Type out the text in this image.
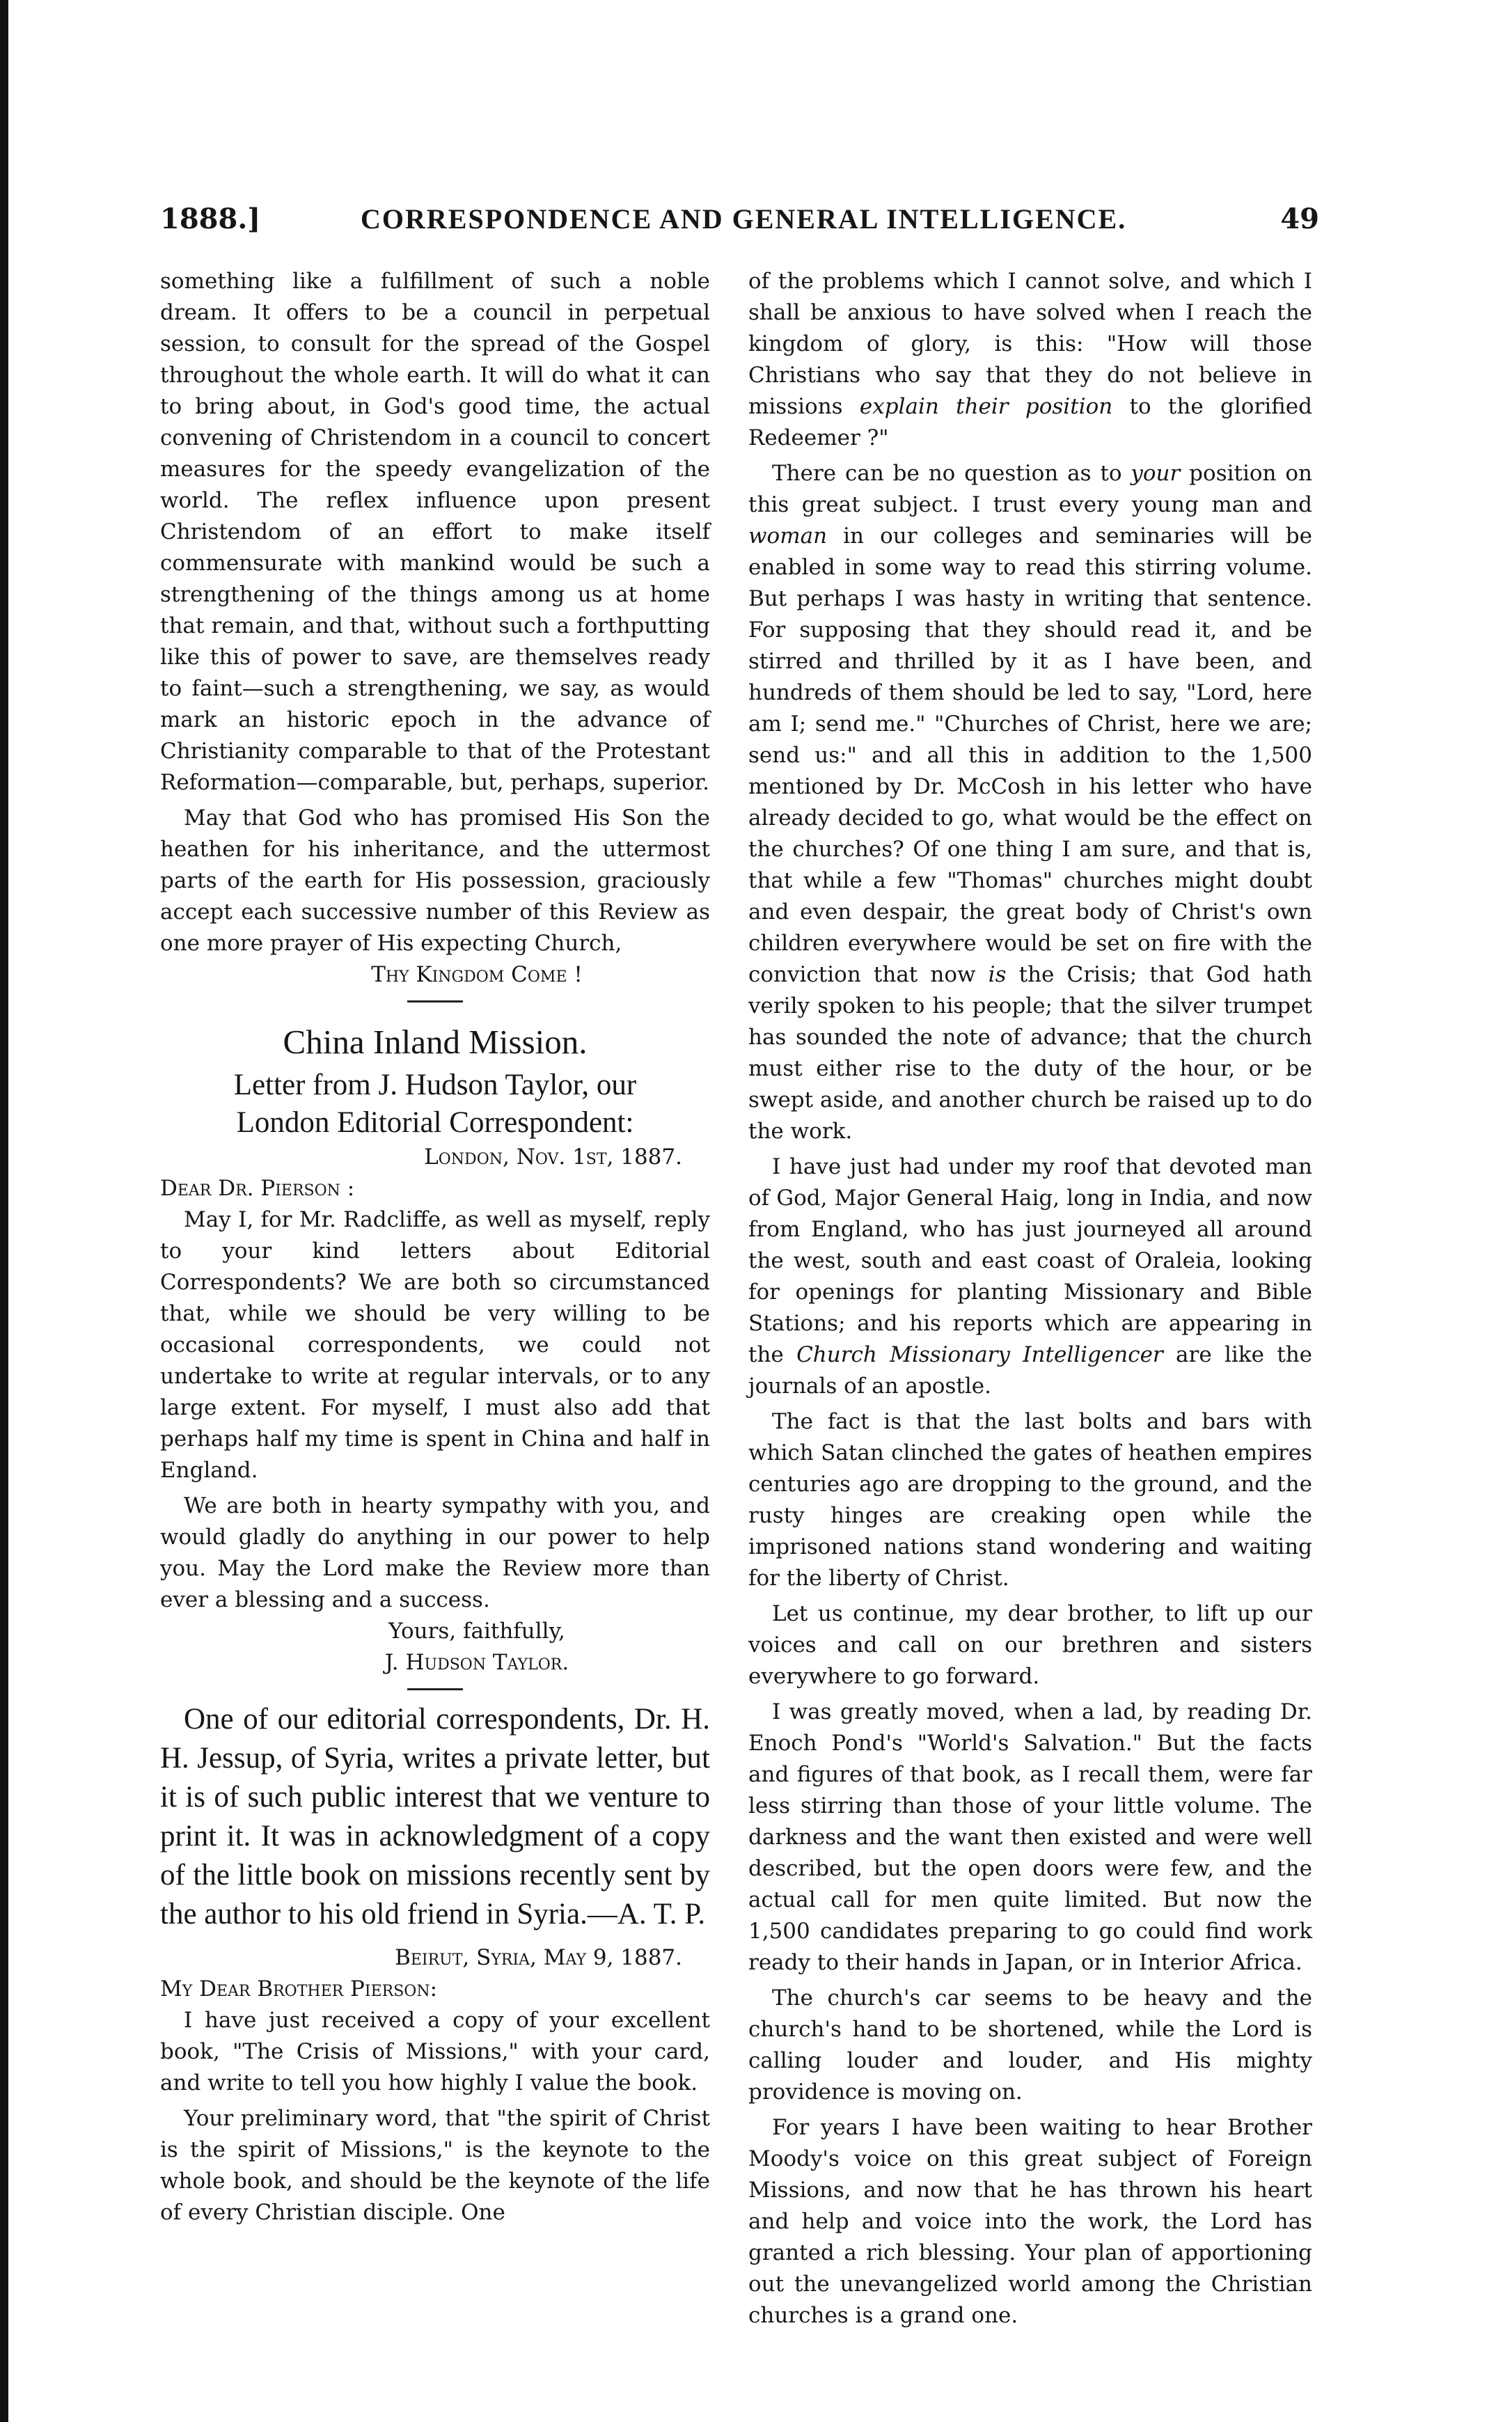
1888.]	CORRESPONDENCE AND GENERAL INTELLIGENCE.	49

something like a fulfillment of such a noble dream. It offers to be a council in perpetual session, to consult for the spread of the Gospel throughout the whole earth. It will do what it can to bring about, in God's good time, the actual convening of Christendom in a council to concert measures for the speedy evangelization of the world. The reflex influence upon present Christendom of an effort to make itself commensurate with mankind would be such a strengthening of the things among us at home that remain, and that, without such a forthputting like this of power to save, are themselves ready to faint—such a strengthening, we say, as would mark an historic epoch in the advance of Christianity comparable to that of the Protestant Reformation—comparable, but, perhaps, superior.

May that God who has promised His Son the heathen for his inheritance, and the uttermost parts of the earth for His possession, graciously accept each successive number of this Review as one more prayer of His expecting Church,

Thy Kingdom Come !

China Inland Mission.

Letter from J. Hudson Taylor, our

London Editorial Correspondent:

London, Nov. 1st, 1887.

Dear Dr. Pierson :

May I, for Mr. Radcliffe, as well as myself, reply to your kind letters about Editorial Correspondents? We are both so circumstanced that, while we should be very willing to be occasional correspondents, we could not undertake to write at regular intervals, or to any large extent. For myself, I must also add that perhaps half my time is spent in China and half in England.

We are both in hearty sympathy with you, and would gladly do anything in our power to help you. May the Lord make the Review more than ever a blessing and a success.

Yours, faithfully,

J. Hudson Taylor.

One of our editorial correspondents, Dr. H. H. Jessup, of Syria, writes a private letter, but it is of such public interest that we venture to print it. It was in acknowledgment of a copy of the little book on missions recently sent by the author to his old friend in Syria.—A. T. P.

Beirut, Syria, May 9, 1887.

My Dear Brother Pierson:

I have just received a copy of your excellent book, "The Crisis of Missions," with your card, and write to tell you how highly I value the book.

Your preliminary word, that "the spirit of Christ is the spirit of Missions," is the keynote to the whole book, and should be the keynote of the life of every Christian disciple. One

of the problems which I cannot solve, and which I shall be anxious to have solved when I reach the kingdom of glory, is this: "How will those Christians who say that they do not believe in missions explain their position to the glorified Redeemer ?"

There can be no question as to your position on this great subject. I trust every young man and woman in our colleges and seminaries will be enabled in some way to read this stirring volume. But perhaps I was hasty in writing that sentence. For supposing that they should read it, and be stirred and thrilled by it as I have been, and hundreds of them should be led to say, "Lord, here am I; send me." "Churches of Christ, here we are; send us:" and all this in addition to the 1,500 mentioned by Dr. McCosh in his letter who have already decided to go, what would be the effect on the churches? Of one thing I am sure, and that is, that while a few "Thomas" churches might doubt and even despair, the great body of Christ's own children everywhere would be set on fire with the conviction that now is the Crisis; that God hath verily spoken to his people; that the silver trumpet has sounded the note of advance; that the church must either rise to the duty of the hour, or be swept aside, and another church be raised up to do the work.

I have just had under my roof that devoted man of God, Major General Haig, long in India, and now from England, who has just journeyed all around the west, south and east coast of Oraleia, looking for openings for planting Missionary and Bible Stations; and his reports which are appearing in the Church Missionary Intelligencer are like the journals of an apostle.

The fact is that the last bolts and bars with which Satan clinched the gates of heathen empires centuries ago are dropping to the ground, and the rusty hinges are creaking open while the imprisoned nations stand wondering and waiting for the liberty of Christ.

Let us continue, my dear brother, to lift up our voices and call on our brethren and sisters everywhere to go forward.

I was greatly moved, when a lad, by reading Dr. Enoch Pond's "World's Salvation." But the facts and figures of that book, as I recall them, were far less stirring than those of your little volume. The darkness and the want then existed and were well described, but the open doors were few, and the actual call for men quite limited. But now the 1,500 candidates preparing to go could find work ready to their hands in Japan, or in Interior Africa.

The church's car seems to be heavy and the church's hand to be shortened, while the Lord is calling louder and louder, and His mighty providence is moving on.

For years I have been waiting to hear Brother Moody's voice on this great subject of Foreign Missions, and now that he has thrown his heart and help and voice into the work, the Lord has granted a rich blessing. Your plan of apportioning out the unevangelized world among the Christian churches is a grand one.
